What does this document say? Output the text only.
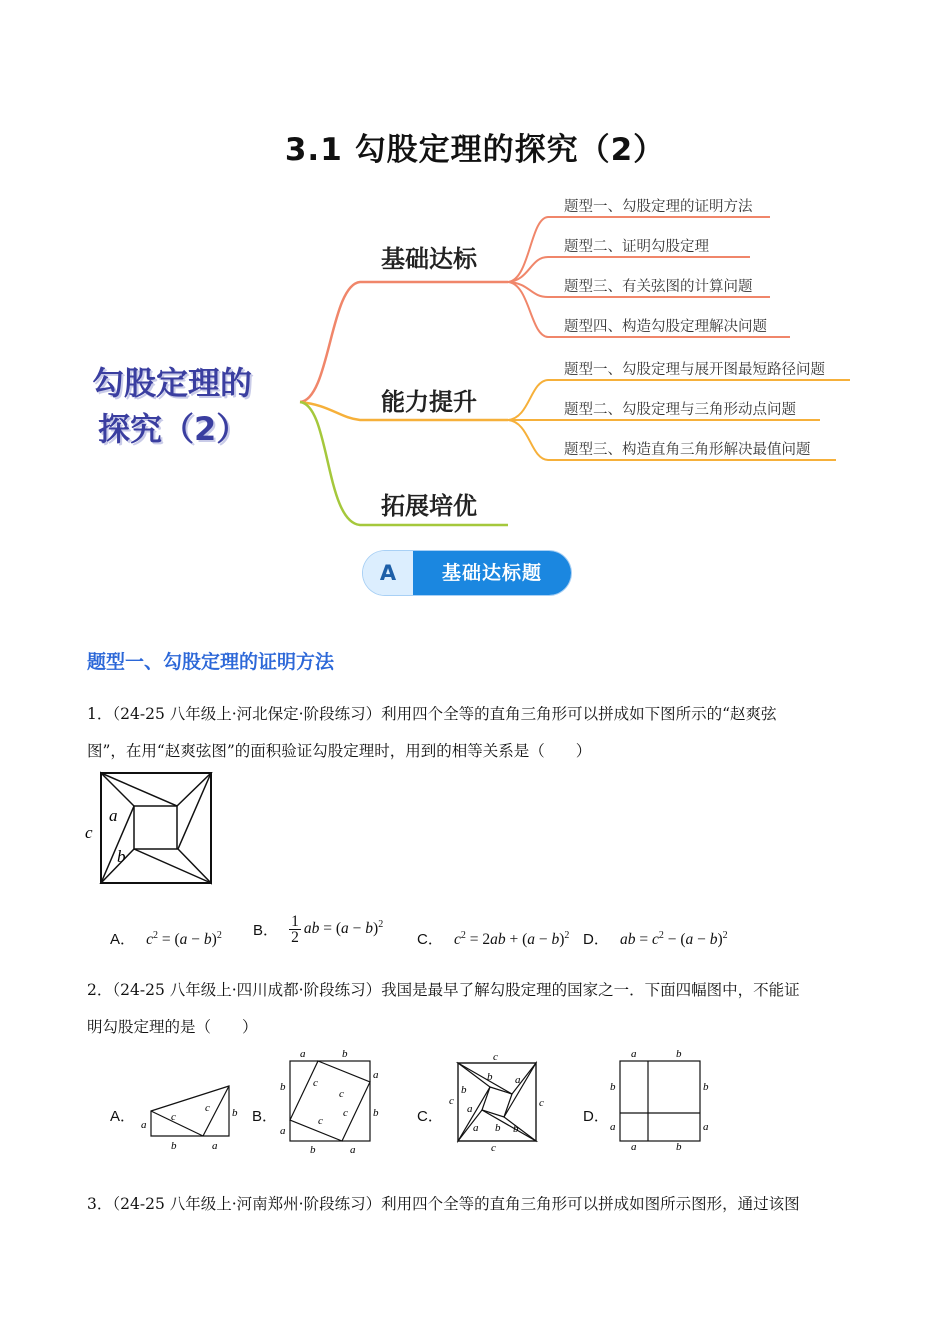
3.1 勾股定理的探究（2）
勾股定理的
探究（2）
基础达标
能力提升
拓展培优
题型一、勾股定理的证明方法
题型二、证明勾股定理
题型三、有关弦图的计算问题
题型四、构造勾股定理解决问题
题型一、勾股定理与展开图最短路径问题
题型二、勾股定理与三角形动点问题
题型三、构造直角三角形解决最值问题
A	基础达标题
题型一、勾股定理的证明方法
1．（24-25 八年级上·河北保定·阶段练习）利用四个全等的直角三角形可以拼成如下图所示的“赵爽弦
图”，在用“赵爽弦图”的面积验证勾股定理时，用到的相等关系是（　　）
a
b
c
A． $c^2 = (a - b)^2$ B． $\frac{1}{2}$ ab = $(a - b)^2$
C． $c^2 = 2ab + (a - b)^2$ D． ab = $c^2 - (a - b)^2$
2．（24-25 八年级上·四川成都·阶段练习）我国是最早了解勾股定理的国家之一．下面四幅图中，不能证
明勾股定理的是（　　）
A．	B．	C．	D．
a
b	a
b
c
c
a	b
a
b
a
b
a
b	c
c
c
c
c
c
c
c
b a
b
a
b
b
a
a	b
b	b
a	a
a	b
3．（24-25 八年级上·河南郑州·阶段练习）利用四个全等的直角三角形可以拼成如图所示图形，通过该图
